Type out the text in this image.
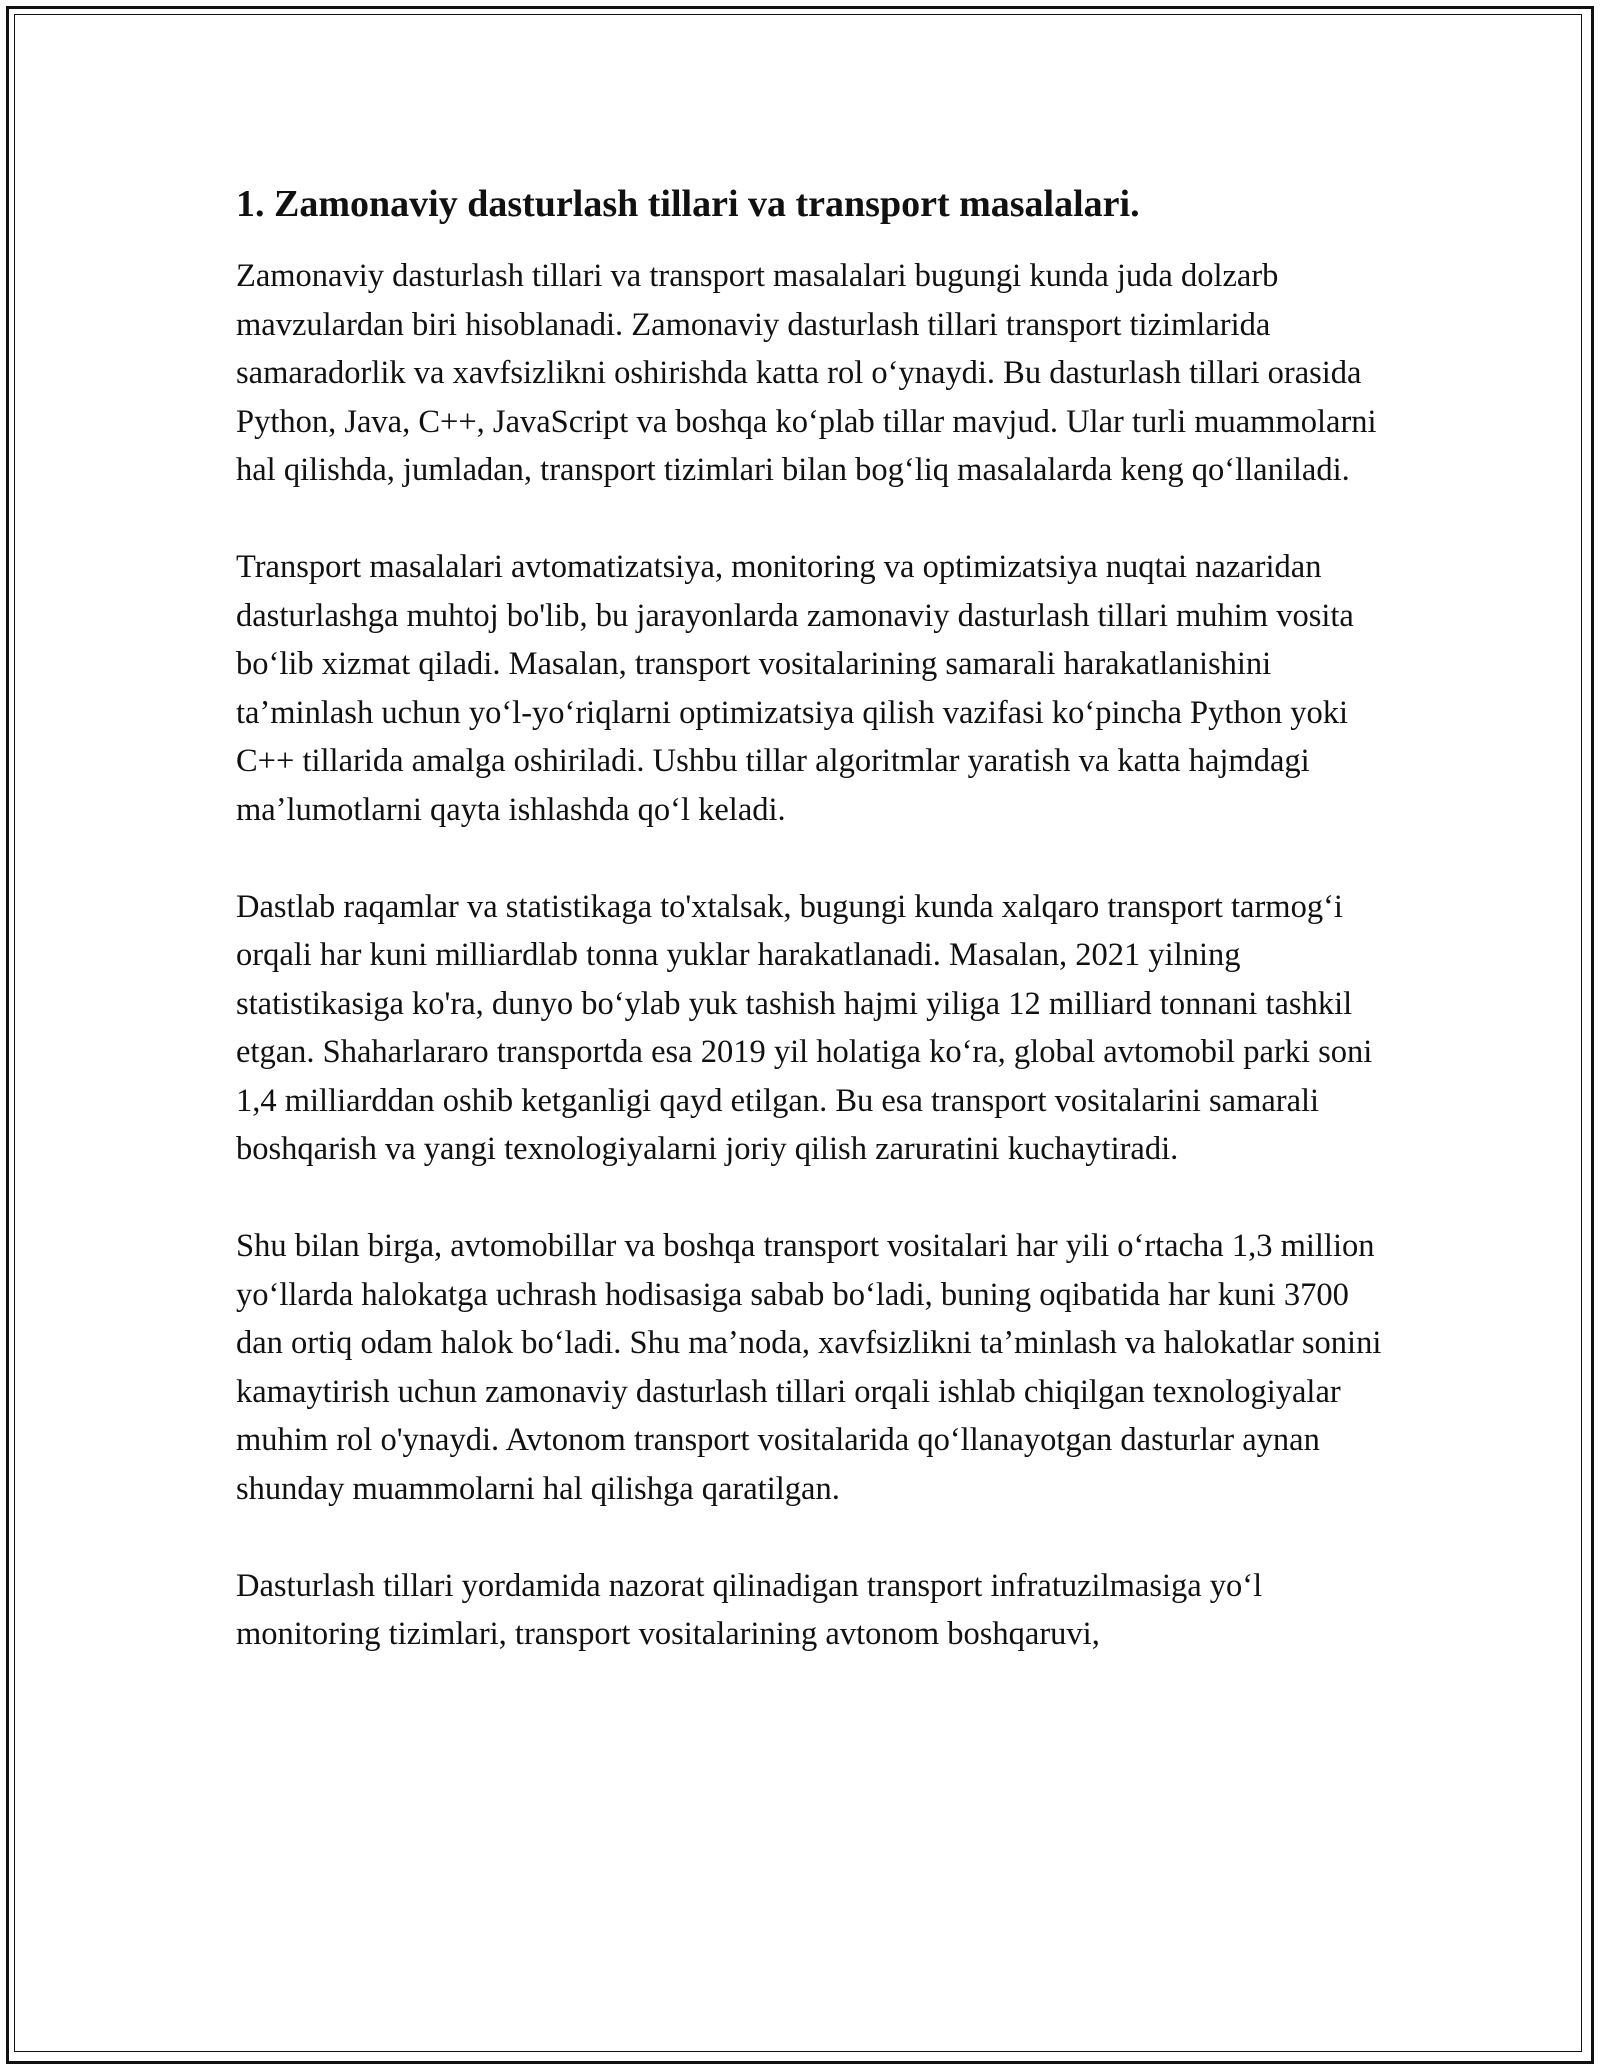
1. Zamonaviy dasturlash tillari va transport masalalari.

Zamonaviy dasturlash tillari va transport masalalari bugungi kunda juda dolzarb mavzulardan biri hisoblanadi. Zamonaviy dasturlash tillari transport tizimlarida samaradorlik va xavfsizlikni oshirishda katta rol oʻynaydi. Bu dasturlash tillari orasida Python, Java, C++, JavaScript va boshqa koʻplab tillar mavjud. Ular turli muammolarni hal qilishda, jumladan, transport tizimlari bilan bogʻliq masalalarda keng qoʻllaniladi.

Transport masalalari avtomatizatsiya, monitoring va optimizatsiya nuqtai nazaridan dasturlashga muhtoj bo'lib, bu jarayonlarda zamonaviy dasturlash tillari muhim vosita boʻlib xizmat qiladi. Masalan, transport vositalarining samarali harakatlanishini taʼminlash uchun yoʻl-yoʻriqlarni optimizatsiya qilish vazifasi koʻpincha Python yoki C++ tillarida amalga oshiriladi. Ushbu tillar algoritmlar yaratish va katta hajmdagi maʼlumotlarni qayta ishlashda qoʻl keladi.

Dastlab raqamlar va statistikaga to'xtalsak, bugungi kunda xalqaro transport tarmogʻi orqali har kuni milliardlab tonna yuklar harakatlanadi. Masalan, 2021 yilning statistikasiga ko'ra, dunyo boʻylab yuk tashish hajmi yiliga 12 milliard tonnani tashkil etgan. Shaharlararo transportda esa 2019 yil holatiga koʻra, global avtomobil parki soni 1,4 milliarddan oshib ketganligi qayd etilgan. Bu esa transport vositalarini samarali boshqarish va yangi texnologiyalarni joriy qilish zaruratini kuchaytiradi.

Shu bilan birga, avtomobillar va boshqa transport vositalari har yili oʻrtacha 1,3 million yoʻllarda halokatga uchrash hodisasiga sabab boʻladi, buning oqibatida har kuni 3700 dan ortiq odam halok boʻladi. Shu maʼnoda, xavfsizlikni taʼminlash va halokatlar sonini kamaytirish uchun zamonaviy dasturlash tillari orqali ishlab chiqilgan texnologiyalar muhim rol o'ynaydi. Avtonom transport vositalarida qoʻllanayotgan dasturlar aynan shunday muammolarni hal qilishga qaratilgan.

Dasturlash tillari yordamida nazorat qilinadigan transport infratuzilmasiga yoʻl monitoring tizimlari, transport vositalarining avtonom boshqaruvi,
